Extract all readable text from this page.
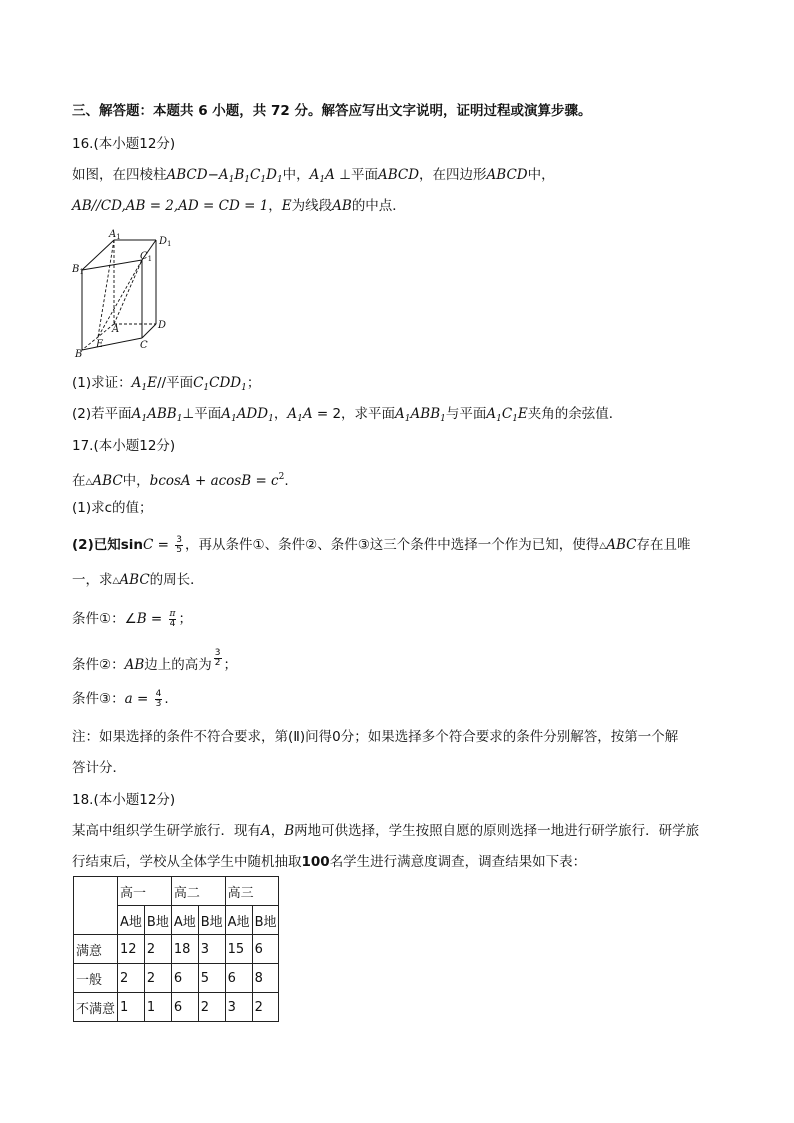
三、解答题：本题共 6 小题，共 72 分。解答应写出文字说明，证明过程或演算步骤。
16.(本小题12分)
如图，在四棱柱$ABCD-A_1B_1C_1D_1$中，$A_1A$ ⊥平面ABCD，在四边形ABCD中，
AB//CD,AB = 2,AD = CD = 1，E为线段AB的中点．
$A_1$	$D_1$
$B_1$
$C_1$
A	D
B
C
E
(1)求证：$A_1E//$平面$C_1CDD_1$；
(2)若平面$A_1ABB_1\perp$平面$A_1ADD_1$，$A_1A = 2$，求平面$A_1ABB_1$与平面$A_1C_1E$夹角的余弦值．
17.(本小题12分)
在△ABC中，$bcosA + acosB = c^2$.
(1)求c的值；
(2)已知$\sin C = \frac{3}{5}$ ，再从条件①、条件②、条件③这三个条件中选择一个作为已知，使得△ABC存在且唯
一，求△ABC的周长．
条件①：∠B = $\frac{\pi}{4}$ ；
条件②：AB边上的高为 $\frac{3}{2}$ ；
条件③：$a = \frac{4}{3}$ .
注：如果选择的条件不符合要求，第(Ⅱ)问得0分；如果选择多个符合要求的条件分别解答，按第一个解
答计分．
18.(本小题12分)
某高中组织学生研学旅行．现有A，B两地可供选择，学生按照自愿的原则选择一地进行研学旅行．研学旅
行结束后，学校从全体学生中随机抽取100名学生进行满意度调查，调查结果如下表：
	高一		高二		高三	
	A地	B地	A地	B地	A地	B地
满意	12	2	18	3	15	6
一般	2	2	6	5	6	8
不满意	1	1	6	2	3	2
